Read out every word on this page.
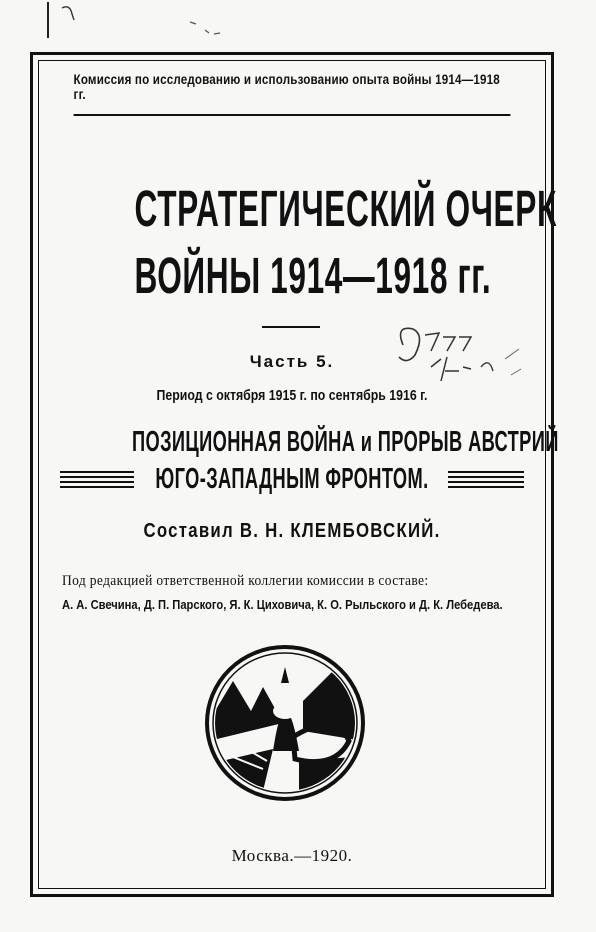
Комиссия по исследованию и использованию опыта войны 1914—1918 гг.
СТРАТЕГИЧЕСКИЙ ОЧЕРК
ВОЙНЫ 1914—1918 гг.
Часть 5.
Период с октября 1915 г. по сентябрь 1916 г.
ПОЗИЦИОННАЯ ВОЙНА и ПРОРЫВ АВСТРИЙ
ЮГО-ЗАПАДНЫМ ФРОНТОМ.
Составил В. Н. КЛЕМБОВСКИЙ.
Под редакцией ответственной коллегии комиссии в составе:
А. А. Свечина, Д. П. Парского, Я. К. Циховича, К. О. Рыльского и Д. К. Лебедева.
Москва.—1920.
